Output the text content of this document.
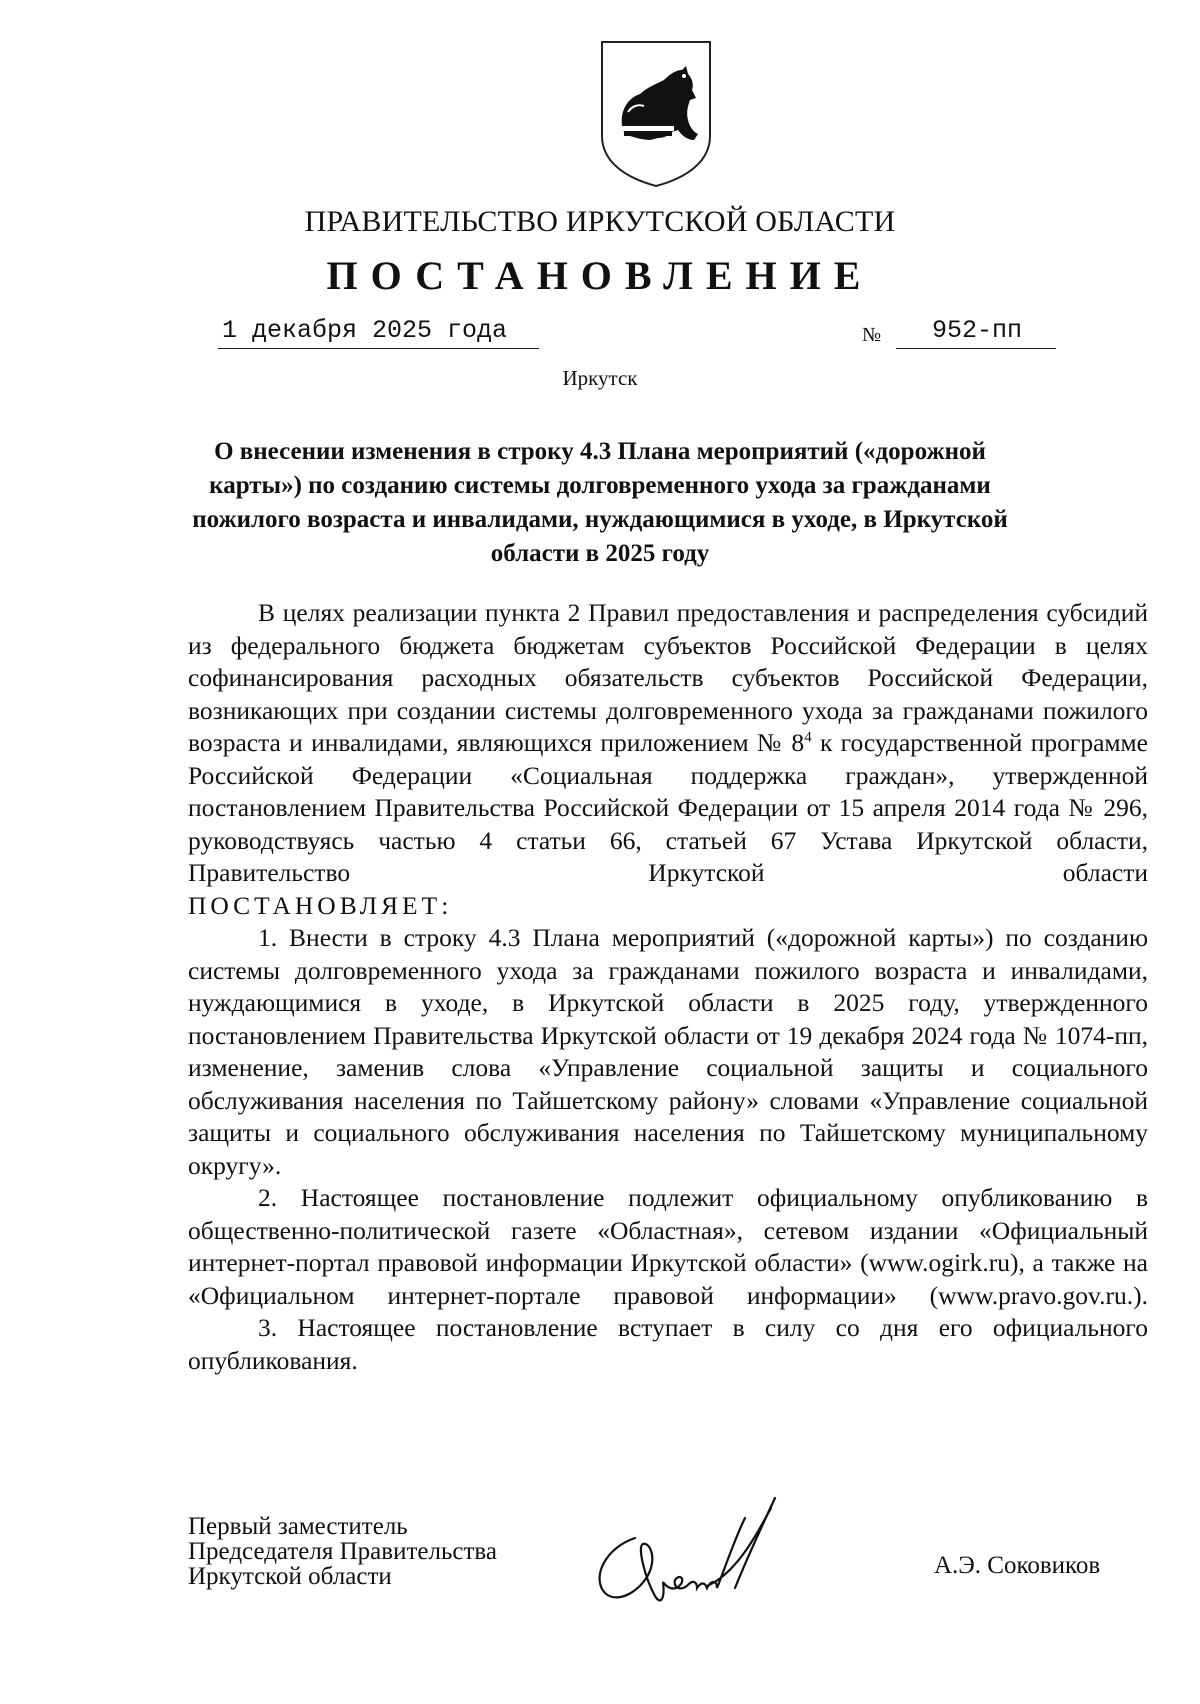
ПРАВИТЕЛЬСТВО ИРКУТСКОЙ ОБЛАСТИ
ПОСТАНОВЛЕНИЕ
1 декабря 2025 года	№	952-пп
Иркутск
О внесении изменения в строку 4.3 Плана мероприятий («дорожной карты») по созданию системы долговременного ухода за гражданами пожилого возраста и инвалидами, нуждающимися в уходе, в Иркутской области в 2025 году

В целях реализации пункта 2 Правил предоставления и распределения субсидий из федерального бюджета бюджетам субъектов Российской Федерации в целях софинансирования расходных обязательств субъектов Российской Федерации, возникающих при создании системы долговременного ухода за гражданами пожилого возраста и инвалидами, являющихся приложением № $8^4$ к государственной программе Российской Федерации «Социальная поддержка граждан», утвержденной постановлением Правительства Российской Федерации от 15 апреля 2014 года № 296, руководствуясь частью 4 статьи 66, статьей 67 Устава Иркутской области, Правительство Иркутской области

ПОСТАНОВЛЯЕТ:

1. Внести в строку 4.3 Плана мероприятий («дорожной карты») по созданию системы долговременного ухода за гражданами пожилого возраста и инвалидами, нуждающимися в уходе, в Иркутской области в 2025 году, утвержденного постановлением Правительства Иркутской области от 19 декабря 2024 года № 1074-пп, изменение, заменив слова «Управление социальной защиты и социального обслуживания населения по Тайшетскому району» словами «Управление социальной защиты и социального обслуживания населения по Тайшетскому муниципальному округу».

2. Настоящее постановление подлежит официальному опубликованию в общественно-политической газете «Областная», сетевом издании «Официальный интернет-портал правовой информации Иркутской области» (www.ogirk.ru), а также на «Официальном интернет-портале правовой информации» (www.pravo.gov.ru.).

3. Настоящее постановление вступает в силу со дня его официального опубликования.

Первый заместитель
Председателя Правительства
Иркутской области	А.Э. Соковиков
